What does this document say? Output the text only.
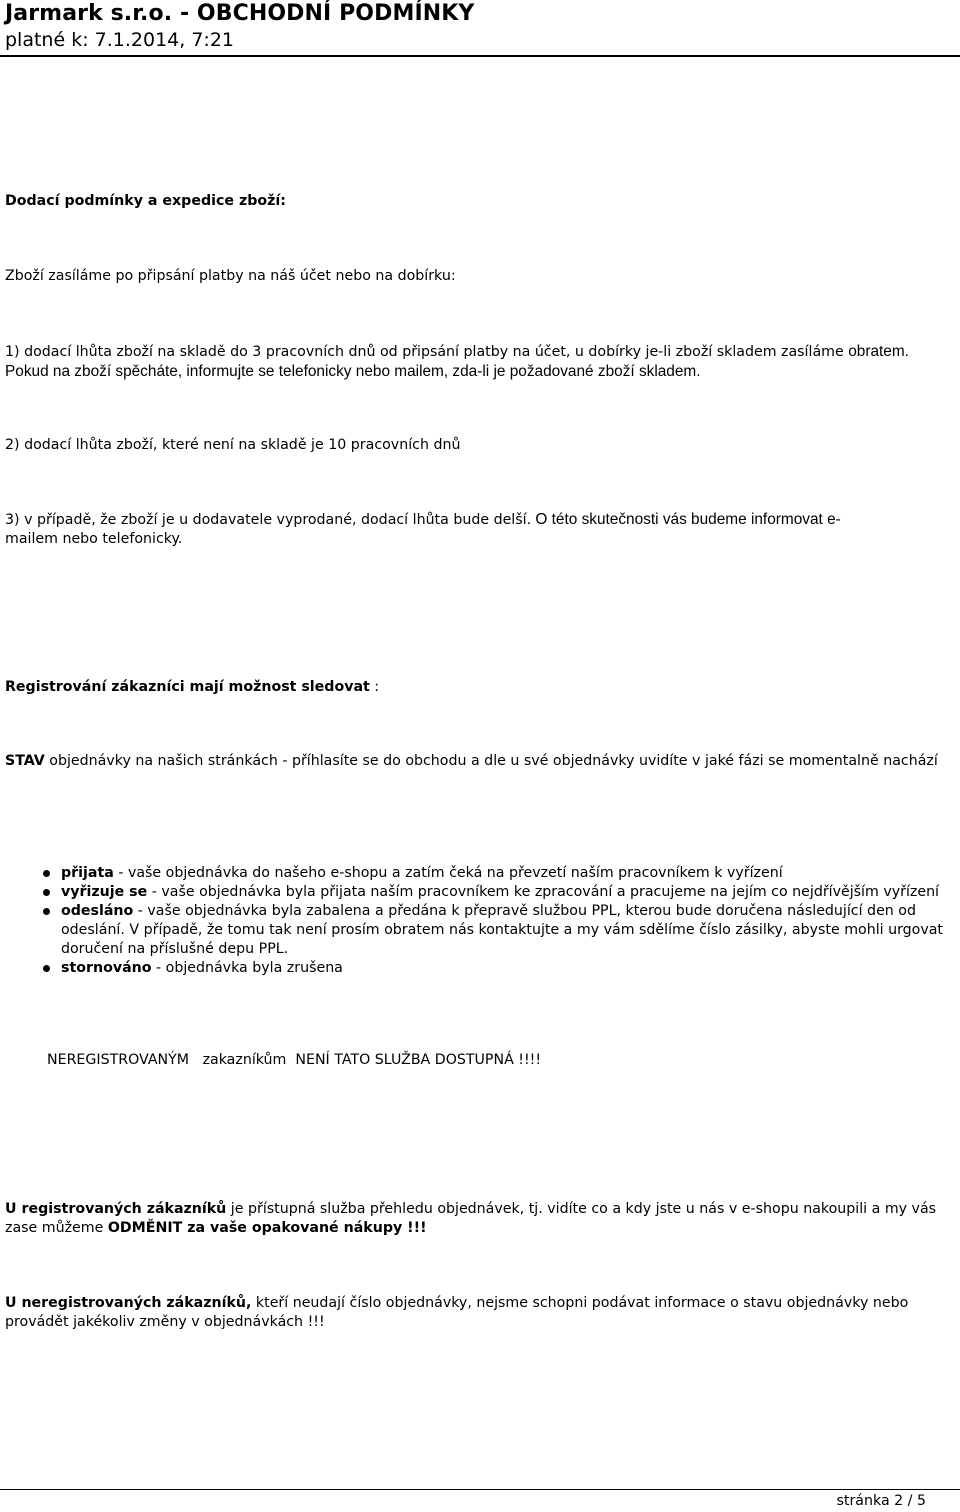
Jarmark s.r.o. - OBCHODNÍ PODMÍNKY
platné k: 7.1.2014, 7:21
Dodací podmínky a expedice zboží:
Zboží zasíláme po připsání platby na náš účet nebo na dobírku:
1) dodací lhůta zboží na skladě do 3 pracovních dnů od připsání platby na účet, u dobírky je-li zboží skladem zasíláme obratem. Pokud na zboží spěcháte, informujte se telefonicky nebo mailem, zda-li je požadované zboží skladem.
2) dodací lhůta zboží, které není na skladě je 10 pracovních dnů
3) v případě, že zboží je u dodavatele vyprodané, dodací lhůta bude delší. O této skutečnosti vás budeme informovat e-
mailem nebo telefonicky.
Registrování zákazníci mají možnost sledovat :
STAV objednávky na našich stránkách - příhlasíte se do obchodu a dle u své objednávky uvidíte v jaké fázi se momentalně nachází
přijata - vaše objednávka do našeho e-shopu a zatím čeká na převzetí naším pracovníkem k vyřízení
vyřizuje se - vaše objednávka byla přijata naším pracovníkem ke zpracování a pracujeme na jejím co nejdřívějším vyřízení
odesláno - vaše objednávka byla zabalena a předána k přepravě službou PPL, kterou bude doručena následující den od odeslání. V případě, že tomu tak není prosím obratem nás kontaktujte a my vám sdělíme číslo zásilky, abyste mohli urgovat doručení na příslušné depu PPL.
stornováno - objednávka byla zrušena
NEREGISTROVANÝM   zakazníkům  NENÍ TATO SLUŽBA DOSTUPNÁ !!!!
U registrovaných zákazníků je přístupná služba přehledu objednávek, tj. vidíte co a kdy jste u nás v e-shopu nakoupili a my vás zase můžeme ODMĚNIT za vaše opakované nákupy !!!
U neregistrovaných zákazníků, kteří neudají číslo objednávky, nejsme schopni podávat informace o stavu objednávky nebo provádět jakékoliv změny v objednávkách !!!
stránka 2 / 5
